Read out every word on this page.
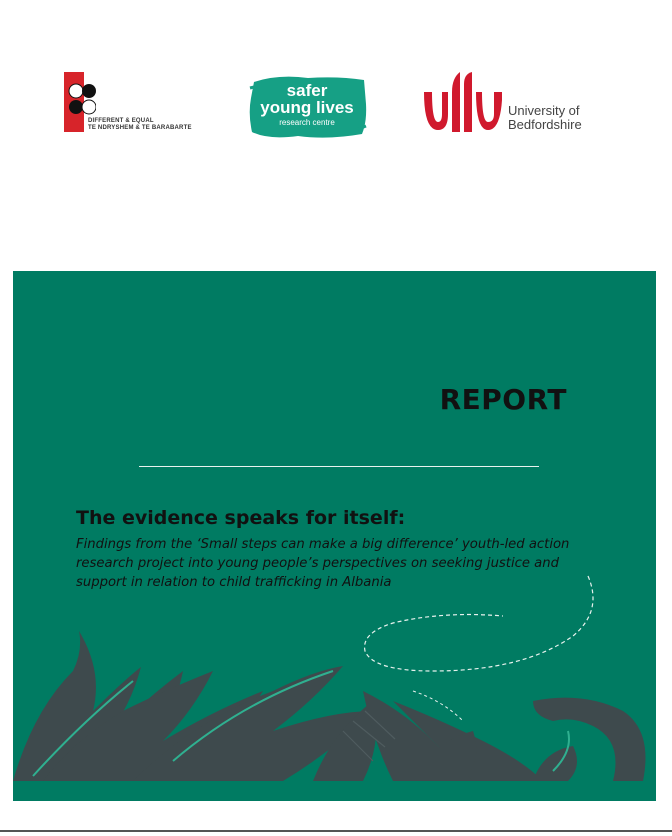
DIFFERENT & EQUAL
TE NDRYSHEM & TE BARABARTE
safer
young lives
research centre
University of
Bedfordshire
REPORT
The evidence speaks for itself:

Findings from the ‘Small steps can make a big difference’ youth-led action research project into young people’s perspectives on seeking justice and support in relation to child trafficking in Albania
